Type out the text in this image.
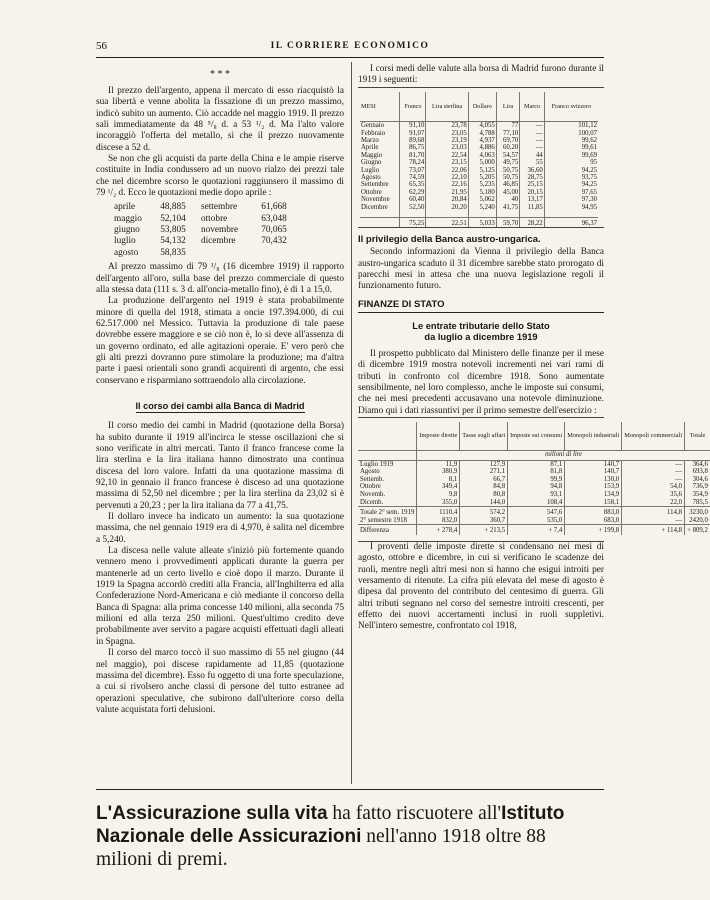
56	IL CORRIERE ECONOMICO
* * *

Il prezzo dell'argento, appena il mercato di esso riacquistò la sua libertà e venne abolita la fissazione di un prezzo massimo, indicò subito un aumento. Ciò accadde nel maggio 1919. Il prezzo salì immediatamente da 48 ⁵/₈ d. a 53 ¹/₂ d. Ma l'alto valore incoraggiò l'offerta del metallo, sì che il prezzo nuovamente discese a 52 d.

Se non che gli acquisti da parte della China e le ampie riserve costituite in India condussero ad un nuovo rialzo dei prezzi tale che nel dicembre scorso le quotazioni raggiunsero il massimo di 79 ¹/₂ d. Ecco le quotazioni medie dopo aprile :

aprile	48,885	settembre	61,668
maggio	52,104	ottobre	63,048
giugno	53,805	novembre	70,065
luglio	54,132	dicembre	70,432
agosto	58,835		

Al prezzo massimo di 79 ¹/₈ (16 dicembre 1919) il rapporto dell'argento all'oro, sulla base del prezzo commerciale di questo alla stessa data (111 s. 3 d. all'oncia-metallo fino), è di 1 a 15,0.

La produzione dell'argento nel 1919 è stata probabilmente minore di quella del 1918, stimata a oncie 197.394.000, di cui 62.517.000 nel Messico. Tuttavia la produzione di tale paese dovrebbe essere maggiore e se ciò non è, lo si deve all'assenza di un governo ordinato, ed alle agitazioni operaie. E' vero però che gli alti prezzi dovranno pure stimolare la produzione; ma d'altra parte i paesi orientali sono grandi acquirenti di argento, che essi conservano e risparmiano sottraendolo alla circolazione.

Il corso dei cambi alla Banca di Madrid

Il corso medio dei cambi in Madrid (quotazione della Borsa) ha subito durante il 1919 all'incirca le stesse oscillazioni che si sono verificate in altri mercati. Tanto il franco francese come la lira sterlina e la lira italiana hanno dimostrato una continua discesa del loro valore. Infatti da una quotazione massima di 92,10 in gennaio il franco francese è disceso ad una quotazione massima di 52,50 nel dicembre ; per la lira sterlina da 23,02 si è pervenuti a 20,23 ; per la lira italiana da 77 a 41,75.

Il dollaro invece ha indicato un aumento: la sua quotazione massima, che nel gennaio 1919 era di 4,970, è salita nel dicembre a 5,240.

La discesa nelle valute alleate s'iniziò più fortemente quando vennero meno i provvedimenti applicati durante la guerra per mantenerle ad un certo livello e cioè dopo il marzo. Durante il 1919 la Spagna accordò crediti alla Francia, all'Inghilterra ed alla Confederazione Nord-Americana e ciò mediante il concorso della Banca di Spagna: alla prima concesse 140 milioni, alla seconda 75 milioni ed alla terza 250 milioni. Quest'ultimo credito deve probabilmente aver servito a pagare acquisti effettuati dagli alleati in Spagna.

Il corso del marco toccò il suo massimo di 55 nel giugno (44 nel maggio), poi discese rapidamente ad 11,85 (quotazione massima del dicembre). Esso fu oggetto di una forte speculazione, a cui si rivolsero anche classi di persone del tutto estranee ad operazioni speculative, che subirono dall'ulteriore corso della valute acquistata forti delusioni.

I corsi medi delle valute alla borsa di Madrid furono durante il 1919 i seguenti:

MESI	Franco	Lira sterlina	Dollaro	Lira	Marco	Franco svizzero
Gennaio	91,10	23,78	4,055	77	—	101,12
Febbraio	91,07	23,05	4,788	77,10	—	100,07
Marzo	89,68	23,19	4,937	69,70	—	99,62
Aprile	86,75	23,03	4,886	60,20	—	99,61
Maggio	81,70	22,54	4,063	54,57	44	99,69
Giugno	78,24	23,15	5,000	49,75	55	95
Luglio	73,07	22,06	5,125	50,75	36,60	94,25
Agosto	74,59	22,10	5,205	50,75	28,75	93,75
Settembre	65,35	22,16	5,235	46,85	25,15	94,25
Ottobre	62,29	21,95	5,180	45,00	20,15	97,65
Novembre	60,40	20,84	5,062	40	13,17	97,30
Dicembre	52,50	20,20	5,240	41,75	11,85	94,95

	75,25	22,51	5,033	59,70	28,22	96,37
Il privilegio della Banca austro-ungarica.

Secondo informazioni da Vienna il privilegio della Banca austro-ungarica scaduto il 31 dicembre sarebbe stato prorogato di parecchi mesi in attesa che una nuova legislazione regoli il funzionamento futuro.

FINANZE DI STATO
Le entrate tributarie dello Stato
da luglio a dicembre 1919

Il prospetto pubblicato dal Ministero delle finanze per il mese di dicembre 1919 mostra notevoli incrementi nei vari rami di tributi in confronto col dicembre 1918. Sono aumentate sensibilmente, nel loro complesso, anche le imposte sui consumi, che nei mesi precedenti accusavano una notevole diminuzione. Diamo qui i dati riassuntivi per il primo semestre dell'esercizio :

	Imposte dirette	Tasse sugli affari	Imposte sui consumi	Monopoli industriali	Monopoli commerciali	Totale
	milioni di lire					
Luglio 1919	11,9	127,9	87,1	140,7	—	364,6
Agosto	380,9	271,1	81,8	140,7	—	693,8
Settemb.	8,1	66,7	99,9	130,0	—	304,6
Ottobre	349,4	84,8	94,8	153,9	54,0	736,9
Novemb.	9,8	80,8	93,1	134,9	35,6	354,9
Dicemb.	355,0	144,0	108,4	158,1	22,0	785,5
Totale 2° sem. 1919	1110,4	574,2	547,6	883,0	114,8	3230,0
2° semestre 1918	832,0	360,7	535,0	683,0	—	2420,0
Differenza	+ 278,4	+ 213,5	+ 7,4	+ 199,8	+ 114,8	+ 809,2

I proventi delle imposte dirette si condensano nei mesi di agosto, ottobre e dicembre, in cui si verificano le scadenze dei ruoli, mentre negli altri mesi non si hanno che esigui introiti per versamento di ritenute. La cifra più elevata del mese di agosto è dipesa dal provento del contributo del centesimo di guerra. Gli altri tributi segnano nel corso del semestre introiti crescenti, per effetto dei nuovi accertamenti inclusi in ruoli suppletivi. Nell'intero semestre, confrontato col 1918,

L'Assicurazione sulla vita ha fatto riscuotere all'Istituto Nazionale delle Assicurazioni nell'anno 1918 oltre 88 milioni di premi.
